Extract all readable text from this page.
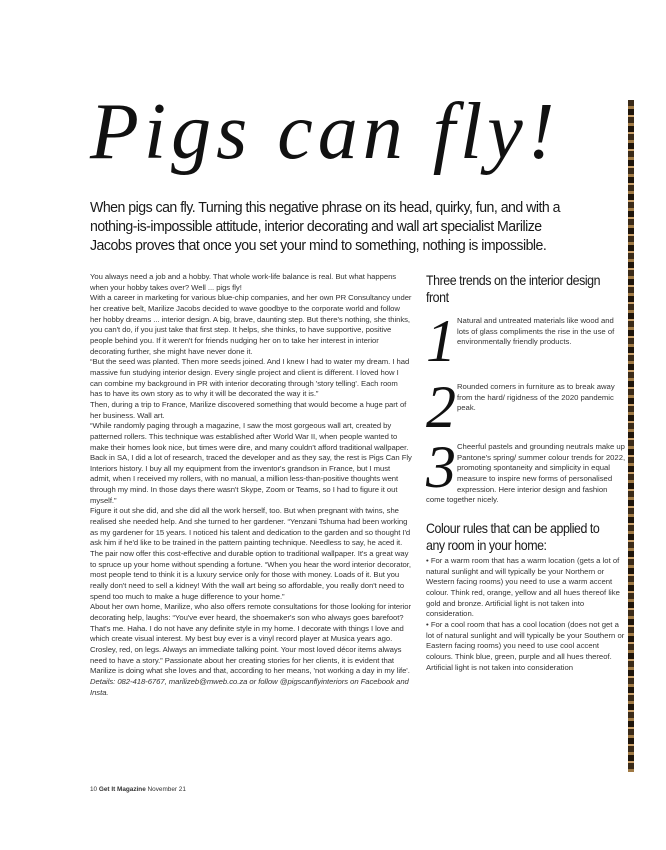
Pigs can fly!

When pigs can fly. Turning this negative phrase on its head, quirky, fun, and with a nothing-is-impossible attitude, interior decorating and wall art specialist Marilize Jacobs proves that once you set your mind to something, nothing is impossible.

You always need a job and a hobby. That whole work-life balance is real. But what happens when your hobby takes over? Well ... pigs fly!

With a career in marketing for various blue-chip companies, and her own PR Consultancy under her creative belt, Marilize Jacobs decided to wave goodbye to the corporate world and follow her hobby dreams ... interior design. A big, brave, daunting step. But there's nothing, she thinks, you can't do, if you just take that first step. It helps, she thinks, to have supportive, positive people behind you. If it weren't for friends nudging her on to take her interest in interior decorating further, she might have never done it.

“But the seed was planted. Then more seeds joined. And I knew I had to water my dream. I had massive fun studying interior design. Every single project and client is different. I loved how I can combine my background in PR with interior decorating through 'story telling'. Each room has to have its own story as to why it will be decorated the way it is.”

Then, during a trip to France, Marilize discovered something that would become a huge part of her business. Wall art.

“While randomly paging through a magazine, I saw the most gorgeous wall art, created by patterned rollers. This technique was established after World War II, when people wanted to make their homes look nice, but times were dire, and many couldn't afford traditional wallpaper. Back in SA, I did a lot of research, traced the developer and as they say, the rest is Pigs Can Fly Interiors history. I buy all my equipment from the inventor's grandson in France, but I must admit, when I received my rollers, with no manual, a million less-than-positive thoughts went through my mind. In those days there wasn't Skype, Zoom or Teams, so I had to figure it out myself.”

Figure it out she did, and she did all the work herself, too. But when pregnant with twins, she realised she needed help. And she turned to her gardener. “Yenzani Tshuma had been working as my gardener for 15 years. I noticed his talent and dedication to the garden and so thought I'd ask him if he'd like to be trained in the pattern painting technique. Needless to say, he aced it.

The pair now offer this cost-effective and durable option to traditional wallpaper. It's a great way to spruce up your home without spending a fortune. “When you hear the word interior decorator, most people tend to think it is a luxury service only for those with money. Loads of it. But you really don't need to sell a kidney! With the wall art being so affordable, you really don't need to spend too much to make a huge difference to your home.”

About her own home, Marilize, who also offers remote consultations for those looking for interior decorating help, laughs: “You've ever heard, the shoemaker's son who always goes barefoot? That's me. Haha. I do not have any definite style in my home. I decorate with things I love and which create visual interest. My best buy ever is a vinyl record player at Musica years ago. Crosley, red, on legs. Always an immediate talking point. Your most loved décor items always need to have a story.” Passionate about her creating stories for her clients, it is evident that Marilize is doing what she loves and that, according to her means, 'not working a day in my life'.

Details: 082-418-6767, marilizeb@mweb.co.za or follow @pigscanflyinteriors on Facebook and Insta.

Three trends on the interior design front
1 Natural and untreated materials like wood and lots of glass compliments the rise in the use of environmentally friendly products.
2 Rounded corners in furniture as to break away from the hard/ rigidness of the 2020 pandemic peak.
3 Cheerful pastels and grounding neutrals make up Pantone's spring/ summer colour trends for 2022, promoting spontaneity and simplicity in equal measure to inspire new forms of personalised expression. Here interior design and fashion come together nicely.
Colour rules that can be applied to any room in your home:
• For a warm room that has a warm location (gets a lot of natural sunlight and will typically be your Northern or Western facing rooms) you need to use a warm accent colour. Think red, orange, yellow and all hues thereof like gold and bronze. Artificial light is not taken into consideration.
• For a cool room that has a cool location (does not get a lot of natural sunlight and will typically be your Southern or Eastern facing rooms) you need to use cool accent colours. Think blue, green, purple and all hues thereof. Artificial light is not taken into consideration
10 Get It Magazine November 21
